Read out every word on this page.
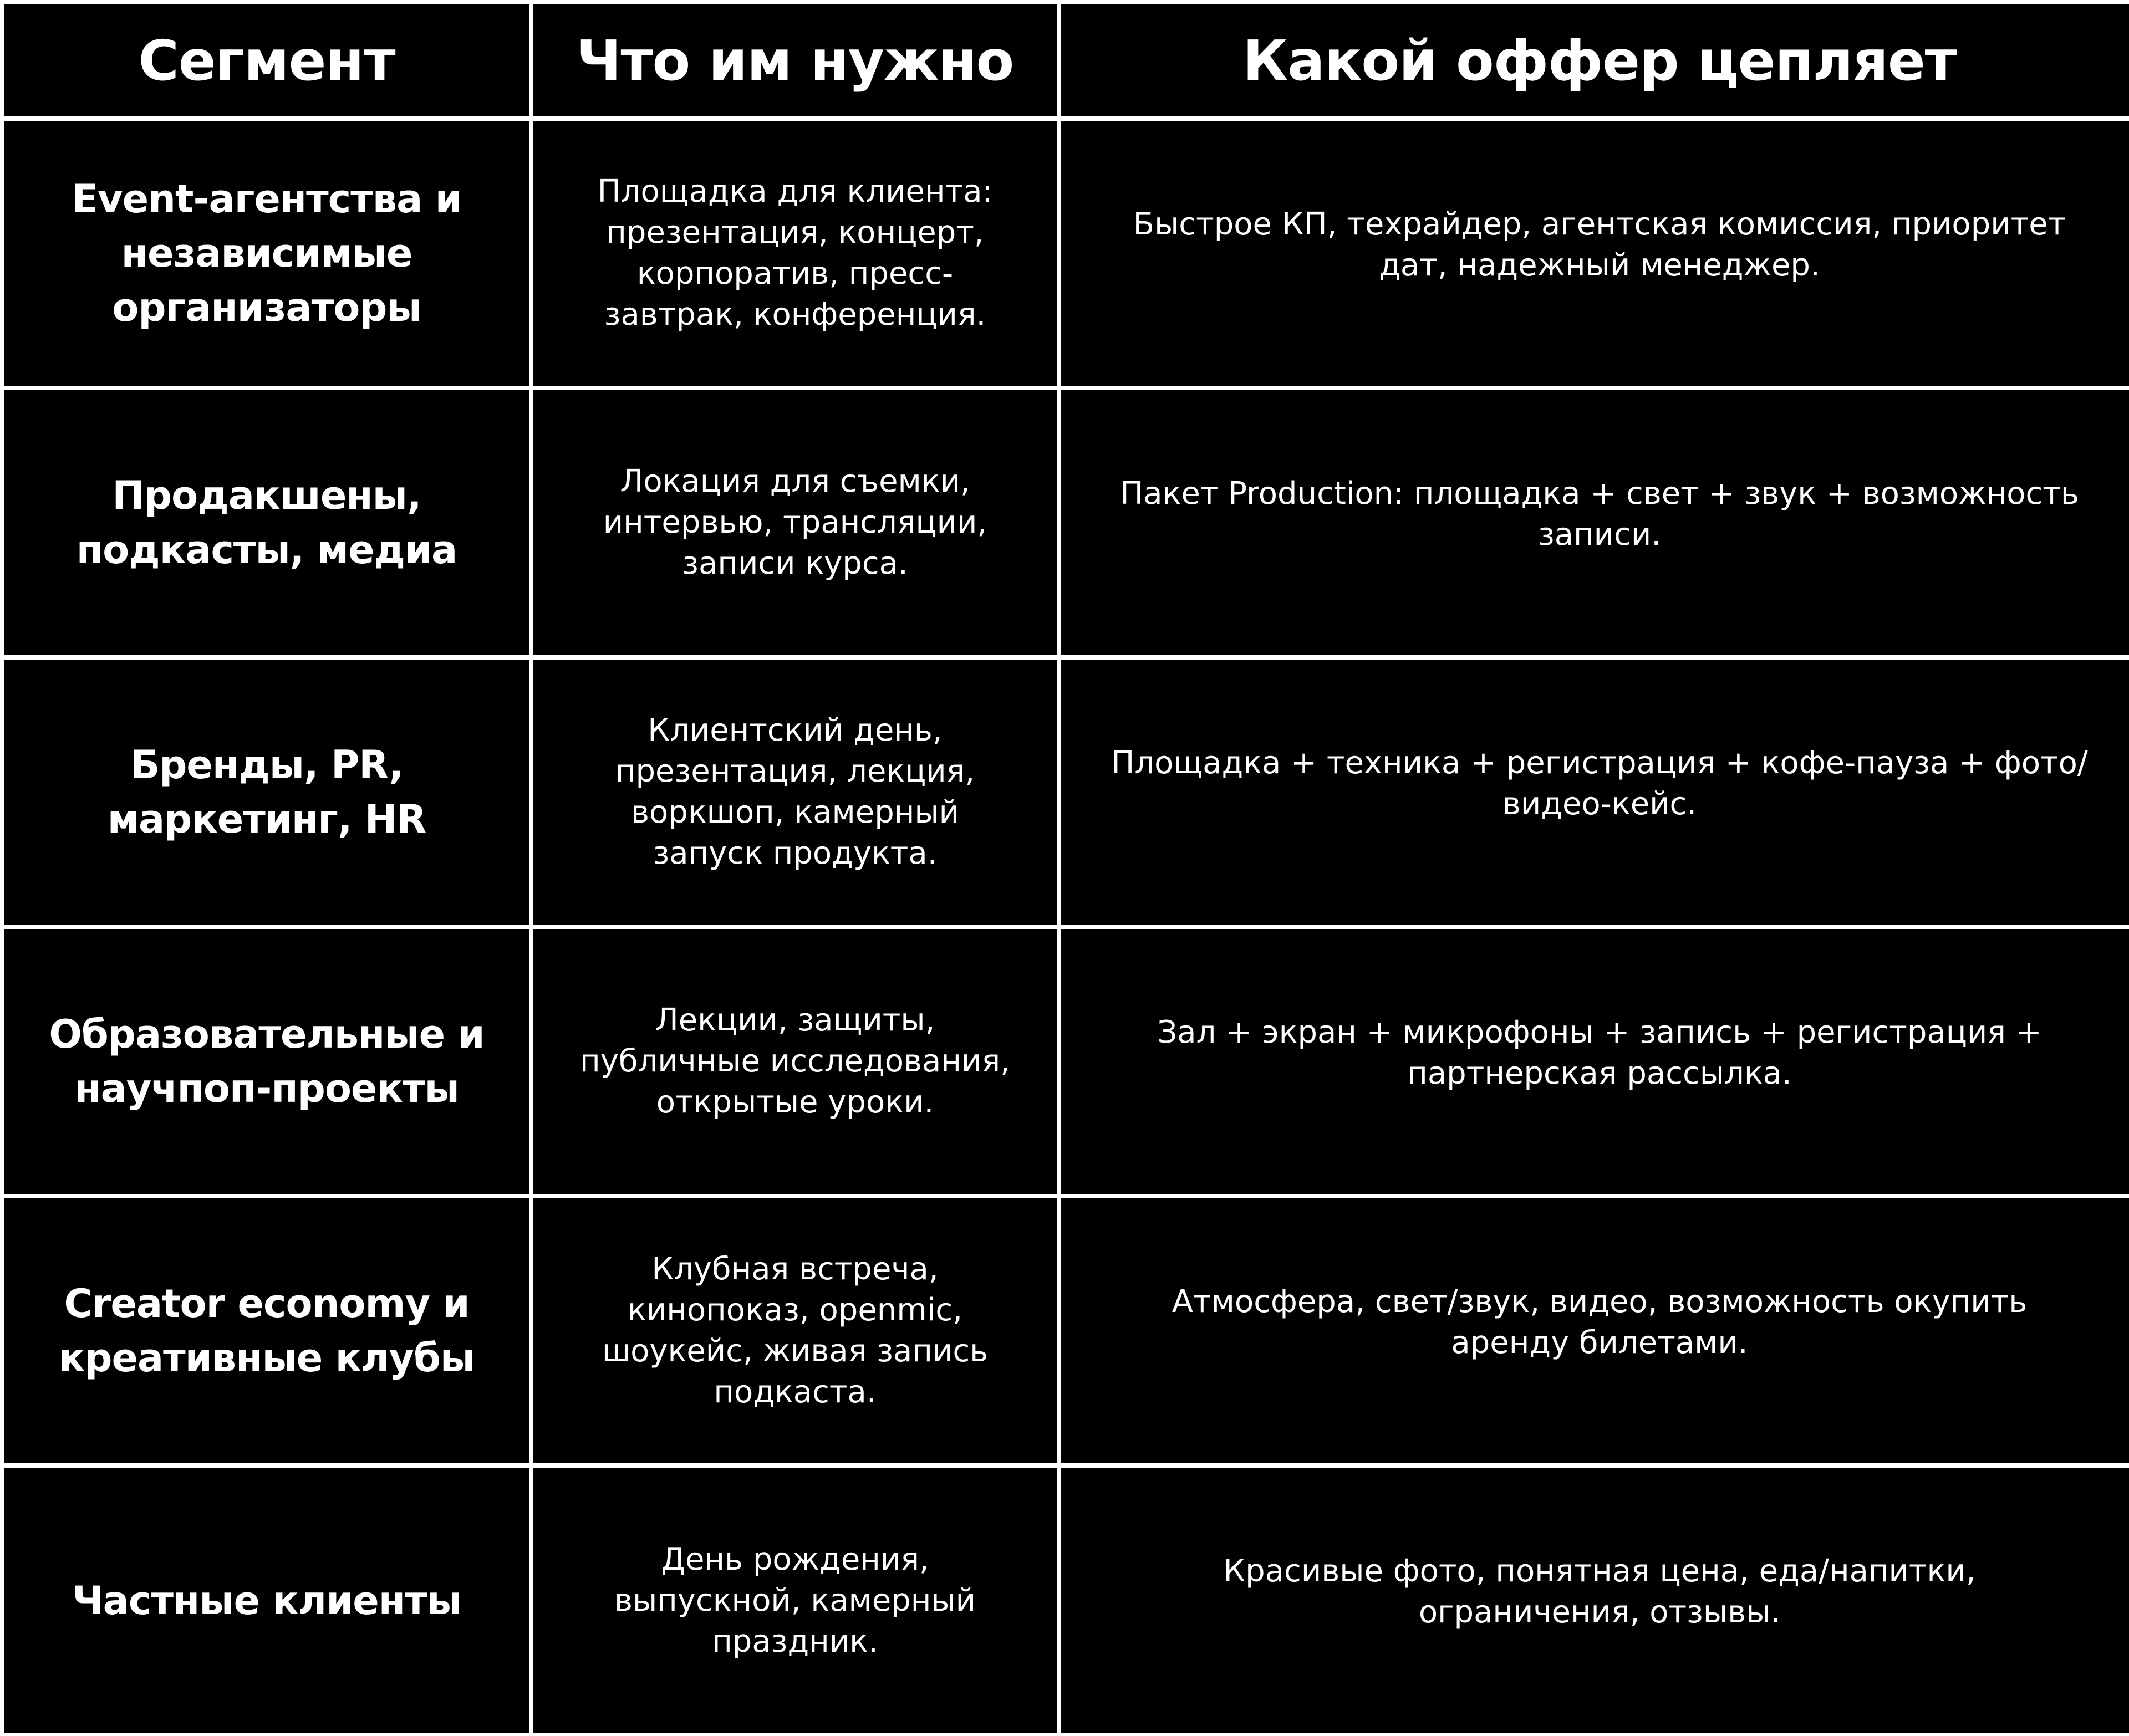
Сегмент	Что им нужно	Какой оффер цепляет
Event-агентства и независимые организаторы
Площадка для клиента: презентация, концерт, корпоратив, пресс-завтрак, конференция.
Быстрое КП, техрайдер, агентская комиссия, приоритет дат, надежный менеджер.
Продакшены, подкасты, медиа
Локация для съемки, интервью, трансляции, записи курса.
Пакет Production: площадка + свет + звук + возможность записи.
Бренды, PR, маркетинг, HR
Клиентский день, презентация, лекция, воркшоп, камерный запуск продукта.
Площадка + техника + регистрация + кофе-пауза + фото/видео-кейс.
Образовательные и научпоп-проекты
Лекции, защиты, публичные исследования, открытые уроки.
Зал + экран + микрофоны + запись + регистрация + партнерская рассылка.
Creator economy и креативные клубы
Клубная встреча, кинопоказ, openmic, шоукейс, живая запись подкаста.
Атмосфера, свет/звук, видео, возможность окупить аренду билетами.
Частные клиенты
День рождения, выпускной, камерный праздник.
Красивые фото, понятная цена, еда/напитки, ограничения, отзывы.
